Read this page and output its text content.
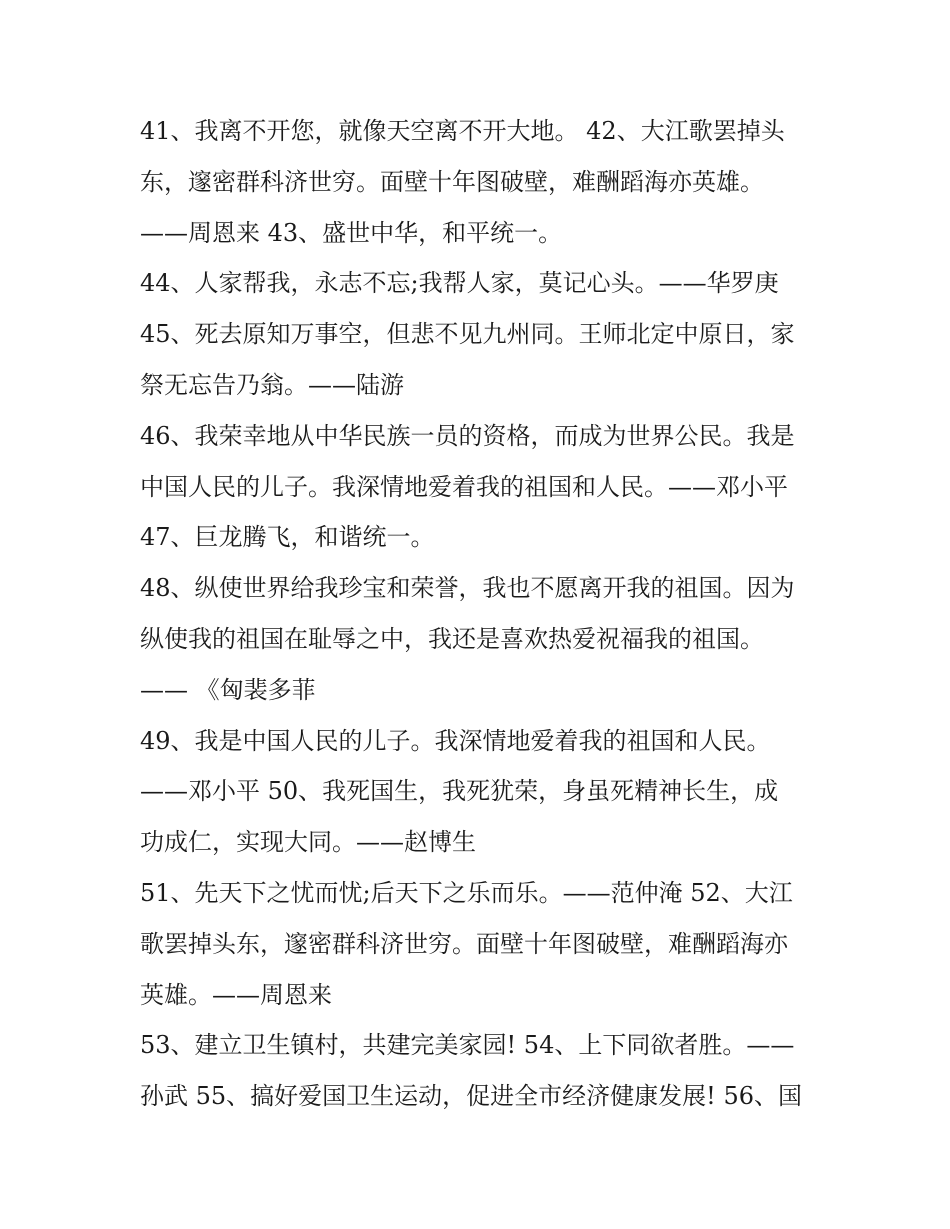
41、我离不开您，就像天空离不开大地。 42、大江歌罢掉头
东，邃密群科济世穷。面壁十年图破壁，难酬蹈海亦英雄。
——周恩来 43、盛世中华，和平统一。
44、人家帮我，永志不忘;我帮人家，莫记心头。——华罗庚
45、死去原知万事空，但悲不见九州同。王师北定中原日，家
祭无忘告乃翁。——陆游
46、我荣幸地从中华民族一员的资格，而成为世界公民。我是
中国人民的儿子。我深情地爱着我的祖国和人民。——邓小平
47、巨龙腾飞，和谐统一。
48、纵使世界给我珍宝和荣誉，我也不愿离开我的祖国。因为
纵使我的祖国在耻辱之中，我还是喜欢热爱祝福我的祖国。
—— 《匈裴多菲
49、我是中国人民的儿子。我深情地爱着我的祖国和人民。
——邓小平 50、我死国生，我死犹荣，身虽死精神长生，成
功成仁，实现大同。——赵博生
51、先天下之忧而忧;后天下之乐而乐。——范仲淹 52、大江
歌罢掉头东，邃密群科济世穷。面壁十年图破壁，难酬蹈海亦
英雄。——周恩来
53、建立卫生镇村，共建完美家园! 54、上下同欲者胜。——
孙武 55、搞好爱国卫生运动，促进全市经济健康发展! 56、国
